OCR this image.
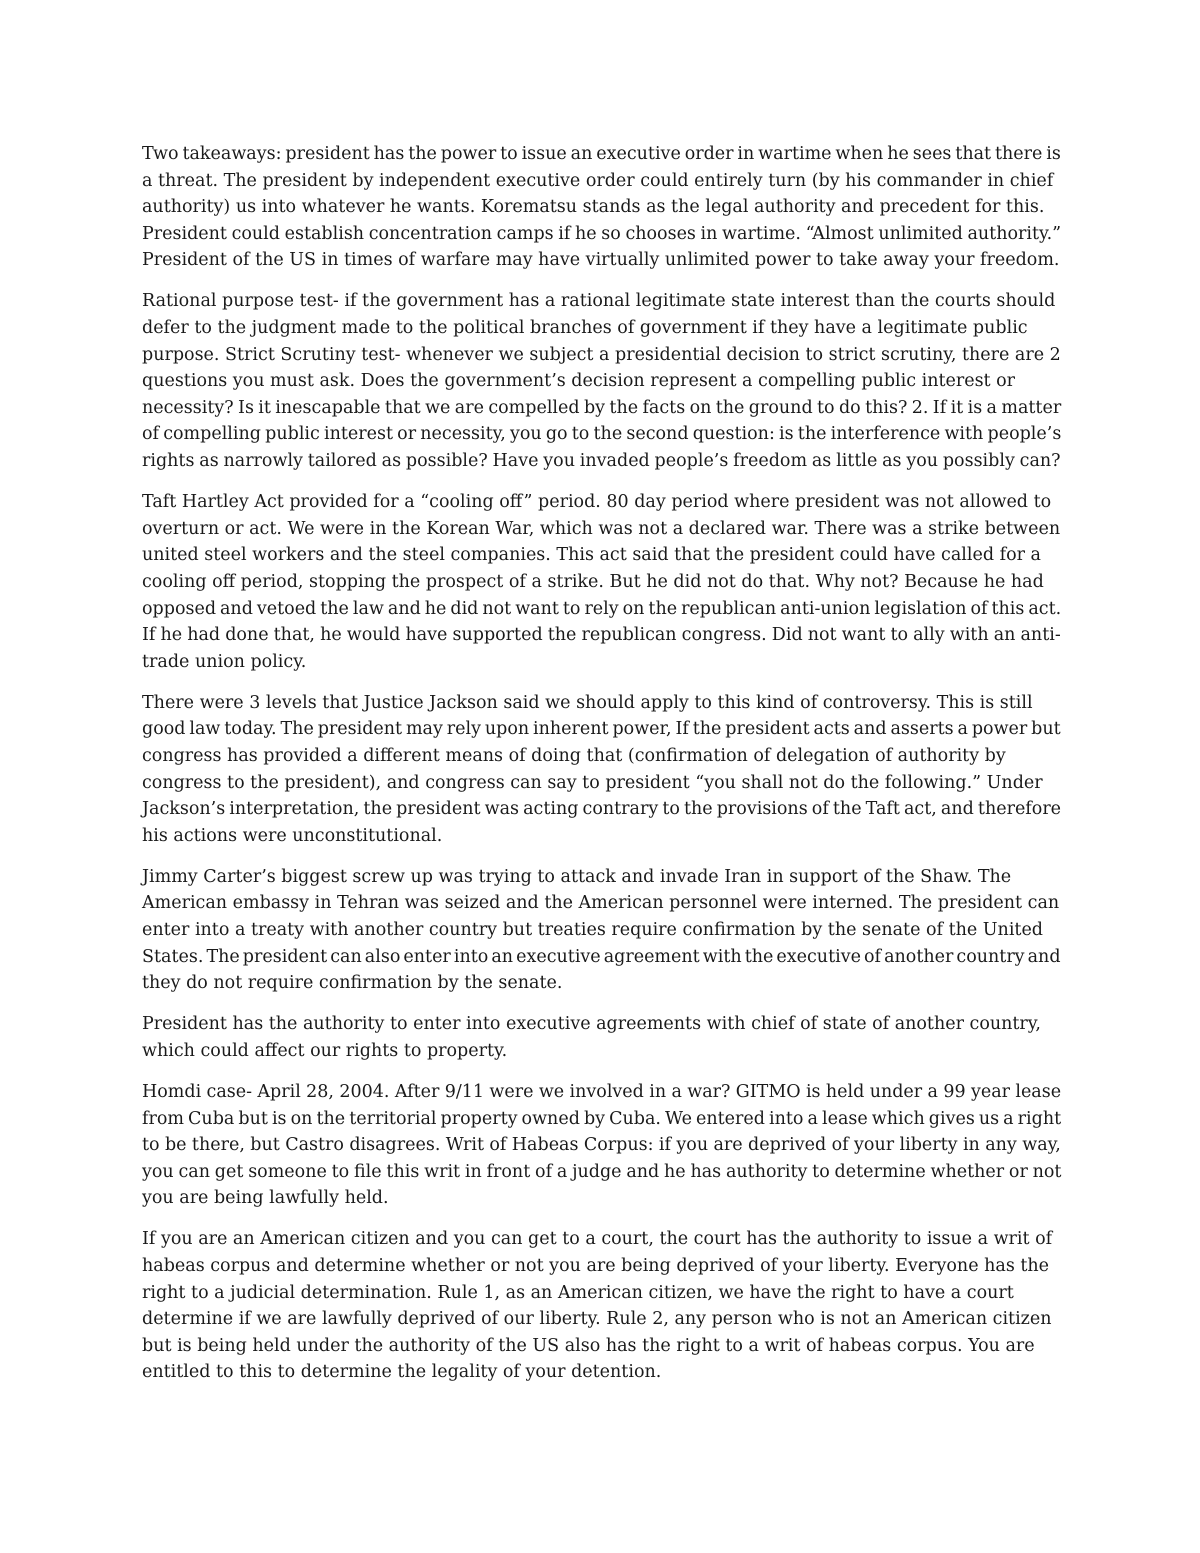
Two takeaways: president has the power to issue an executive order in wartime when he sees that there is
a threat. The president by independent executive order could entirely turn (by his commander in chief
authority) us into whatever he wants. Korematsu stands as the legal authority and precedent for this.
President could establish concentration camps if he so chooses in wartime. “Almost unlimited authority.”
President of the US in times of warfare may have virtually unlimited power to take away your freedom.

Rational purpose test- if the government has a rational legitimate state interest than the courts should
defer to the judgment made to the political branches of government if they have a legitimate public
purpose. Strict Scrutiny test- whenever we subject a presidential decision to strict scrutiny, there are 2
questions you must ask. Does the government’s decision represent a compelling public interest or
necessity? Is it inescapable that we are compelled by the facts on the ground to do this? 2. If it is a matter
of compelling public interest or necessity, you go to the second question: is the interference with people’s
rights as narrowly tailored as possible? Have you invaded people’s freedom as little as you possibly can?

Taft Hartley Act provided for a “cooling off” period. 80 day period where president was not allowed to
overturn or act. We were in the Korean War, which was not a declared war. There was a strike between
united steel workers and the steel companies. This act said that the president could have called for a
cooling off period, stopping the prospect of a strike. But he did not do that. Why not? Because he had
opposed and vetoed the law and he did not want to rely on the republican anti-union legislation of this act.
If he had done that, he would have supported the republican congress. Did not want to ally with an anti-
trade union policy.

There were 3 levels that Justice Jackson said we should apply to this kind of controversy. This is still
good law today. The president may rely upon inherent power, If the president acts and asserts a power but
congress has provided a different means of doing that (confirmation of delegation of authority by
congress to the president), and congress can say to president “you shall not do the following.” Under
Jackson’s interpretation, the president was acting contrary to the provisions of the Taft act, and therefore
his actions were unconstitutional.

Jimmy Carter’s biggest screw up was trying to attack and invade Iran in support of the Shaw. The
American embassy in Tehran was seized and the American personnel were interned. The president can
enter into a treaty with another country but treaties require confirmation by the senate of the United
States. The president can also enter into an executive agreement with the executive of another country and
they do not require confirmation by the senate.

President has the authority to enter into executive agreements with chief of state of another country,
which could affect our rights to property.

Homdi case- April 28, 2004. After 9/11 were we involved in a war? GITMO is held under a 99 year lease
from Cuba but is on the territorial property owned by Cuba. We entered into a lease which gives us a right
to be there, but Castro disagrees. Writ of Habeas Corpus: if you are deprived of your liberty in any way,
you can get someone to file this writ in front of a judge and he has authority to determine whether or not
you are being lawfully held.

If you are an American citizen and you can get to a court, the court has the authority to issue a writ of
habeas corpus and determine whether or not you are being deprived of your liberty. Everyone has the
right to a judicial determination. Rule 1, as an American citizen, we have the right to have a court
determine if we are lawfully deprived of our liberty. Rule 2, any person who is not an American citizen
but is being held under the authority of the US also has the right to a writ of habeas corpus. You are
entitled to this to determine the legality of your detention.
